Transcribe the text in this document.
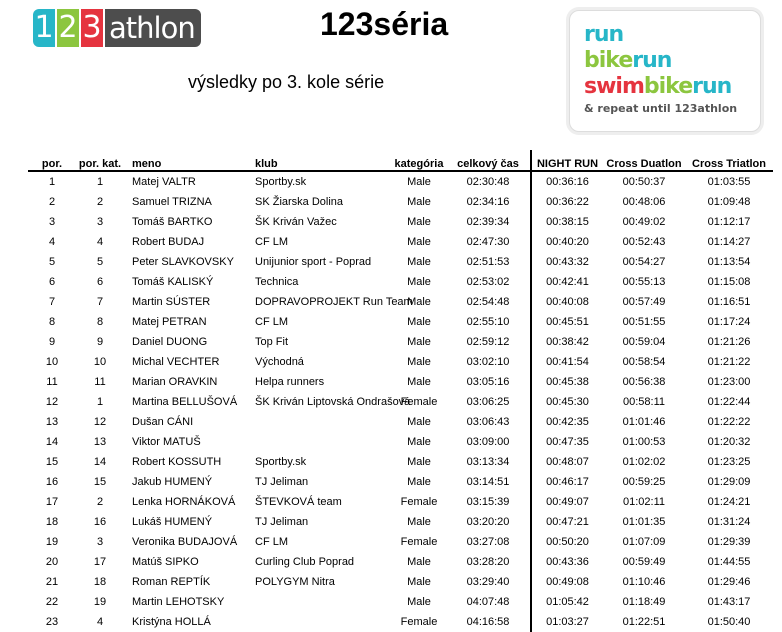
1 2 3 athlon	123séria
výsledky po 3. kole série
run
bikerun
swimbikerun
& repeat until 123athlon
por.	por. kat.	meno	klub	kategória	celkový čas	NIGHT RUN	Cross Duatlon	Cross Triatlon
1	1	Matej VALTR	Sportby.sk	Male	02:30:48	00:36:16	00:50:37	01:03:55
2	2	Samuel TRIZNA	SK Žiarska Dolina	Male	02:34:16	00:36:22	00:48:06	01:09:48
3	3	Tomáš BARTKO	ŠK Kriván Važec	Male	02:39:34	00:38:15	00:49:02	01:12:17
4	4	Robert BUDAJ	CF LM	Male	02:47:30	00:40:20	00:52:43	01:14:27
5	5	Peter SLAVKOVSKY	Unijunior sport - Poprad	Male	02:51:53	00:43:32	00:54:27	01:13:54
6	6	Tomáš KALISKÝ	Technica	Male	02:53:02	00:42:41	00:55:13	01:15:08
7	7	Martin SÚSTER	DOPRAVOPROJEKT Run Team	Male	02:54:48	00:40:08	00:57:49	01:16:51
8	8	Matej PETRAN	CF LM	Male	02:55:10	00:45:51	00:51:55	01:17:24
9	9	Daniel DUONG	Top Fit	Male	02:59:12	00:38:42	00:59:04	01:21:26
10	10	Michal VECHTER	Východná	Male	03:02:10	00:41:54	00:58:54	01:21:22
11	11	Marian ORAVKIN	Helpa runners	Male	03:05:16	00:45:38	00:56:38	01:23:00
12	1	Martina BELLUŠOVÁ	ŠK Kriván Liptovská Ondrašová	Female	03:06:25	00:45:30	00:58:11	01:22:44
13	12	Dušan CÁNI		Male	03:06:43	00:42:35	01:01:46	01:22:22
14	13	Viktor MATUŠ		Male	03:09:00	00:47:35	01:00:53	01:20:32
15	14	Robert KOSSUTH	Sportby.sk	Male	03:13:34	00:48:07	01:02:02	01:23:25
16	15	Jakub HUMENÝ	TJ Jeliman	Male	03:14:51	00:46:17	00:59:25	01:29:09
17	2	Lenka HORNÁKOVÁ	ŠTEVKOVÁ team	Female	03:15:39	00:49:07	01:02:11	01:24:21
18	16	Lukáš HUMENÝ	TJ Jeliman	Male	03:20:20	00:47:21	01:01:35	01:31:24
19	3	Veronika BUDAJOVÁ	CF LM	Female	03:27:08	00:50:20	01:07:09	01:29:39
20	17	Matúš SIPKO	Curling Club Poprad	Male	03:28:20	00:43:36	00:59:49	01:44:55
21	18	Roman REPTÍK	POLYGYM Nitra	Male	03:29:40	00:49:08	01:10:46	01:29:46
22	19	Martin LEHOTSKY		Male	04:07:48	01:05:42	01:18:49	01:43:17
23	4	Kristýna HOLLÁ		Female	04:16:58	01:03:27	01:22:51	01:50:40
